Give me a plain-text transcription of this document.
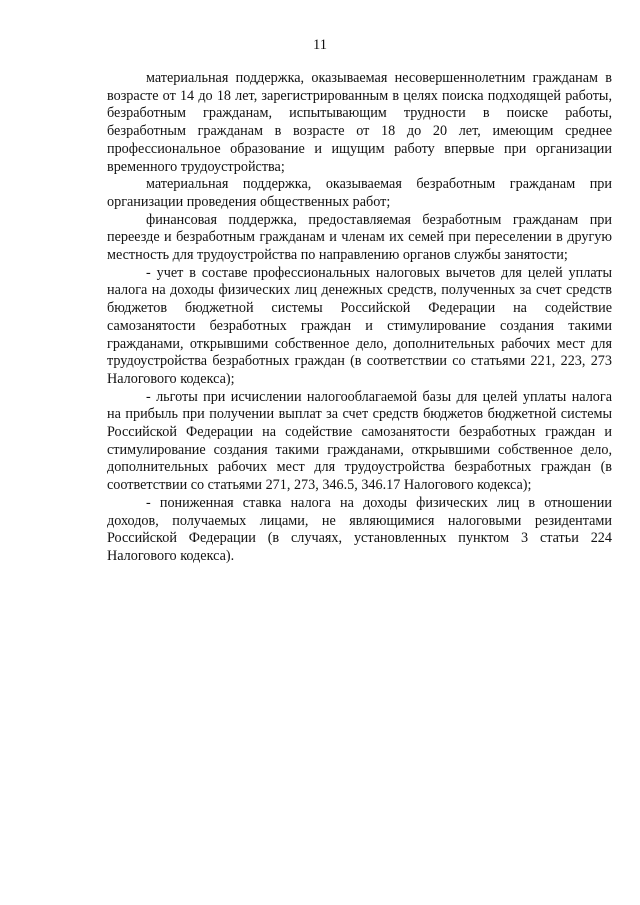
11

материальная поддержка, оказываемая несовершеннолетним гражданам в возрасте от 14 до 18 лет, зарегистрированным в целях поиска подходящей работы, безработным гражданам, испытывающим трудности в поиске работы, безработным гражданам в возрасте от 18 до 20 лет, имеющим среднее профессиональное образование и ищущим работу впервые при организации временного трудоустройства;

материальная поддержка, оказываемая безработным гражданам при организации проведения общественных работ;

финансовая поддержка, предоставляемая безработным гражданам при переезде и безработным гражданам и членам их семей при переселении в другую местность для трудоустройства по направлению органов службы занятости;

- учет в составе профессиональных налоговых вычетов для целей уплаты налога на доходы физических лиц денежных средств, полученных за счет средств бюджетов бюджетной системы Российской Федерации на содействие самозанятости безработных граждан и стимулирование создания такими гражданами, открывшими собственное дело, дополнительных рабочих мест для трудоустройства безработных граждан (в соответствии со статьями 221, 223, 273 Налогового кодекса);

- льготы при исчислении налогооблагаемой базы для целей уплаты налога на прибыль при получении выплат за счет средств бюджетов бюджетной системы Российской Федерации на содействие самозанятости безработных граждан и стимулирование создания такими гражданами, открывшими собственное дело, дополнительных рабочих мест для трудоустройства безработных граждан (в соответствии со статьями 271, 273, 346.5, 346.17 Налогового кодекса);

- пониженная ставка налога на доходы физических лиц в отношении доходов, получаемых лицами, не являющимися налоговыми резидентами Российской Федерации (в случаях, установленных пунктом 3 статьи 224 Налогового кодекса).
